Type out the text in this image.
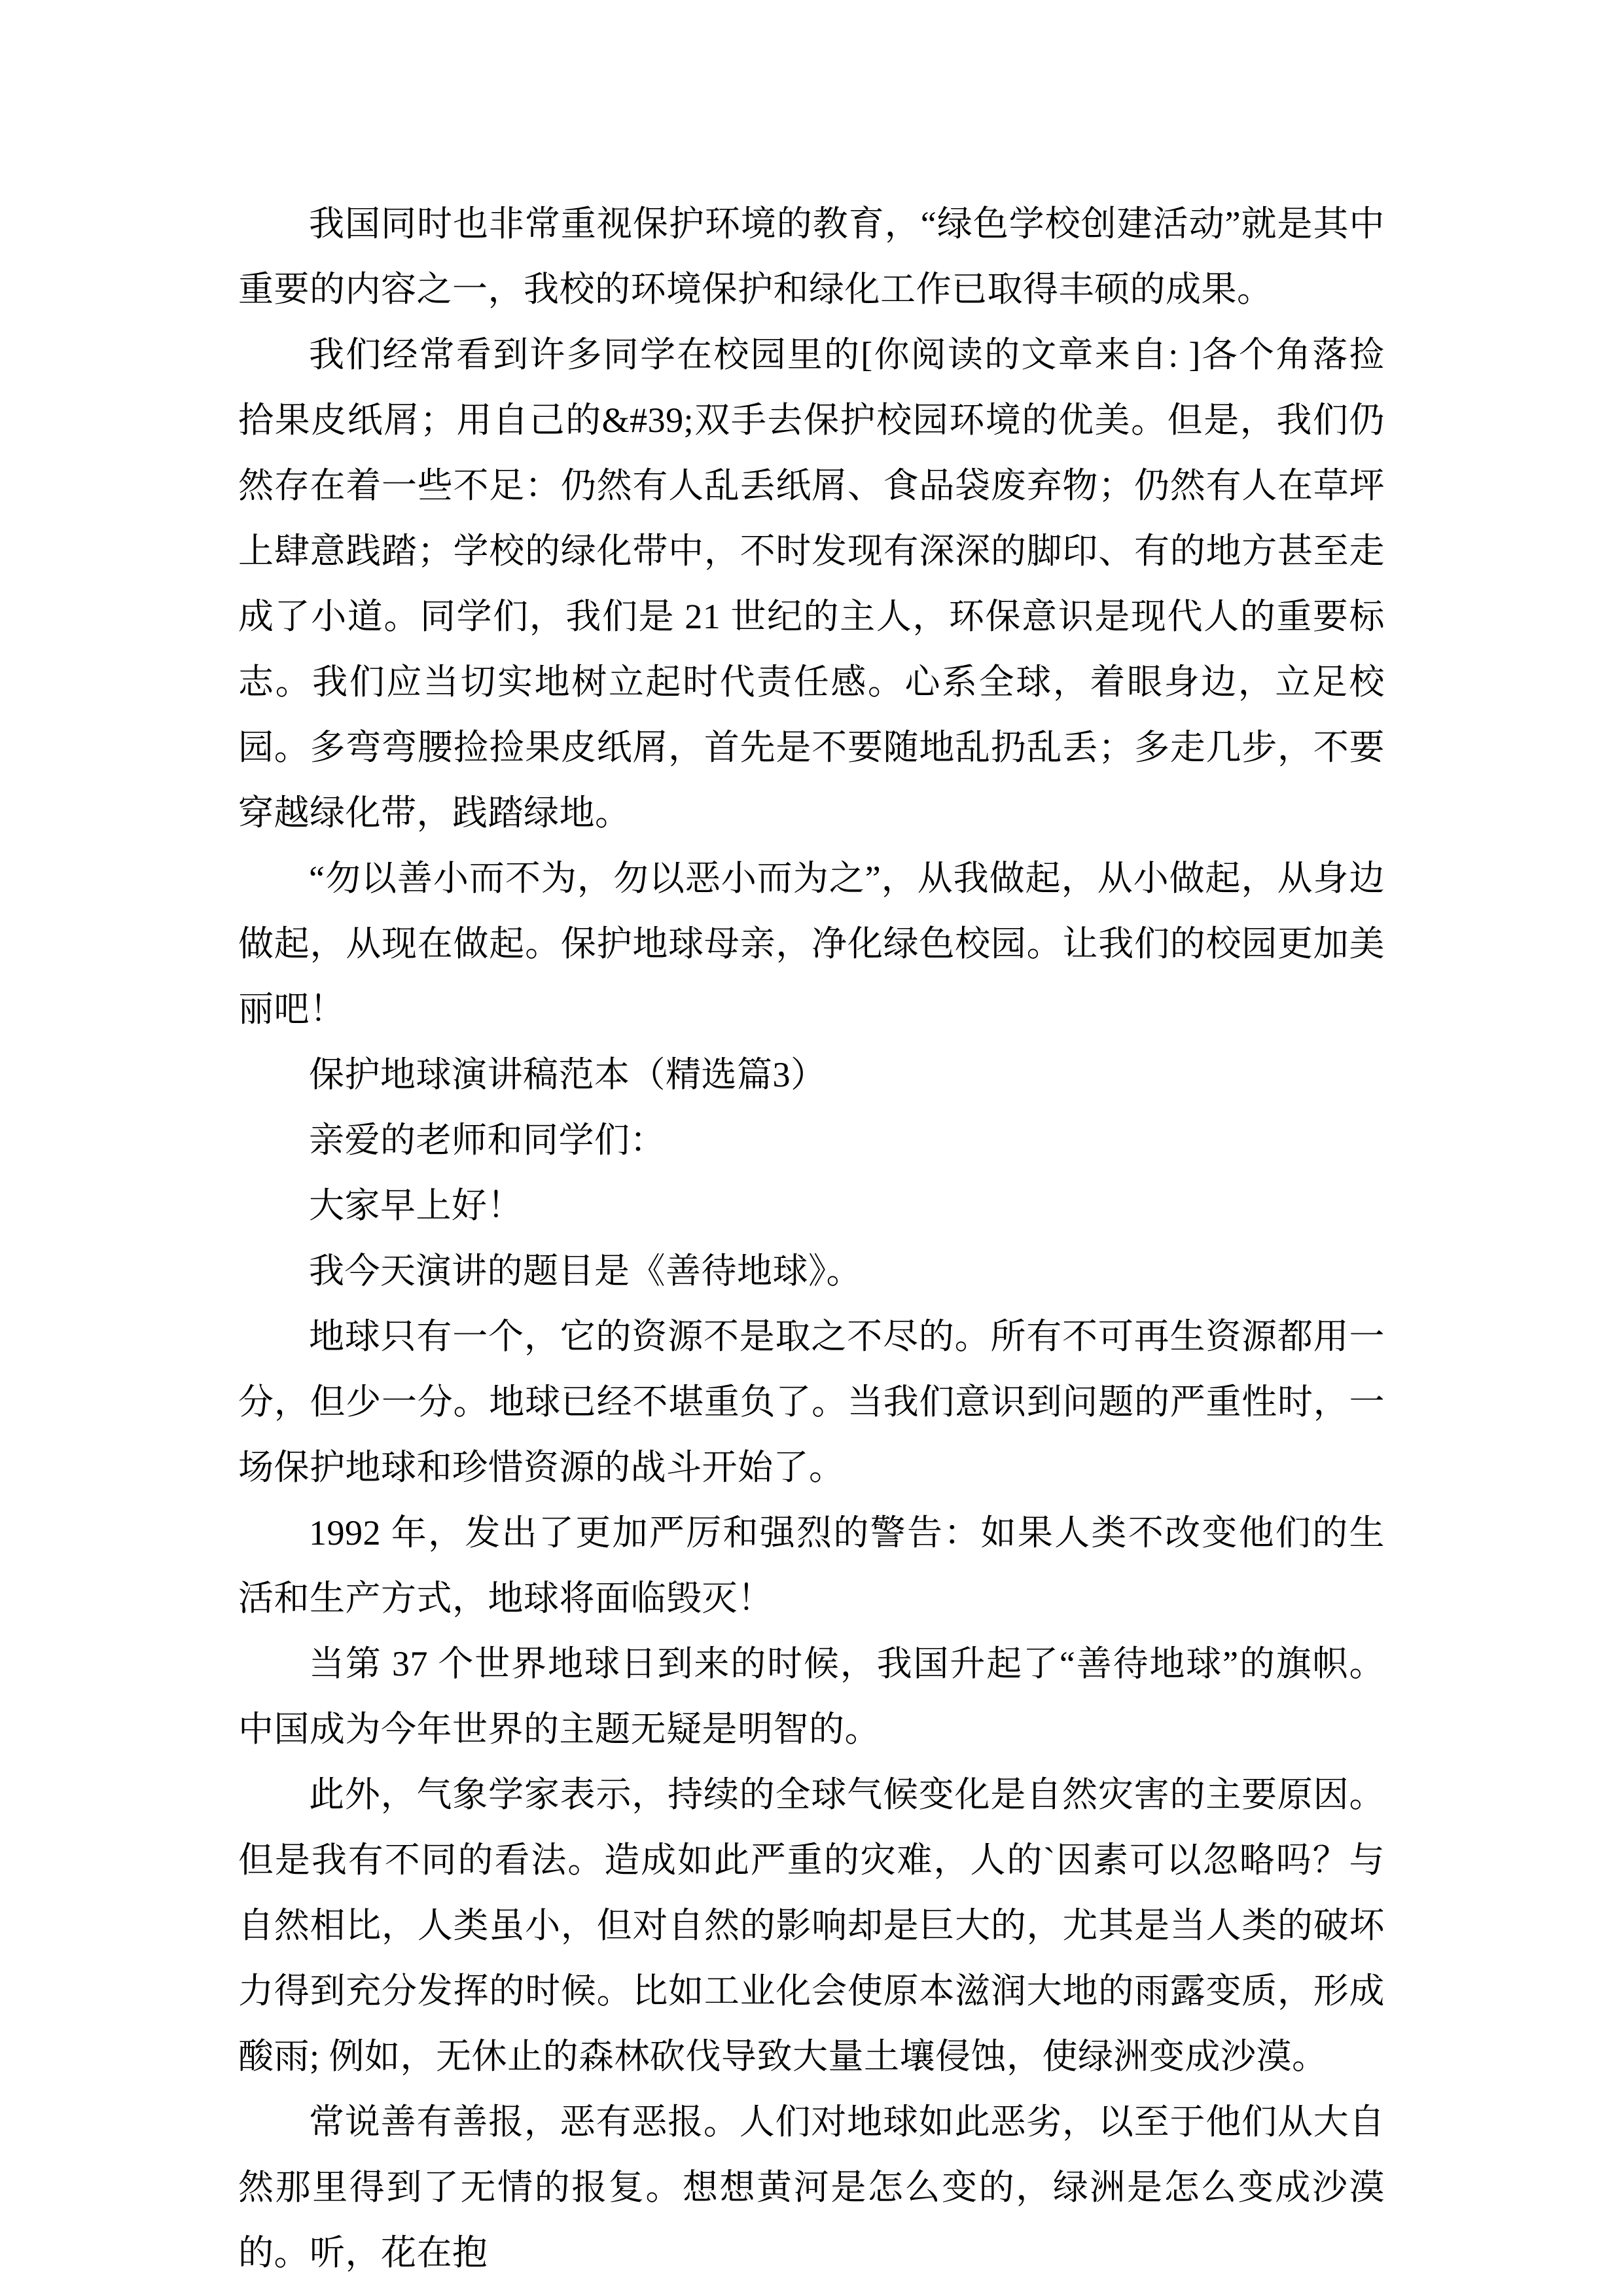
我国同时也非常重视保护环境的教育，“绿色学校创建活动”就是其中重要的内容之一，我校的环境保护和绿化工作已取得丰硕的成果。

我们经常看到许多同学在校园里的[你阅读的文章来自: ]各个角落捡拾果皮纸屑；用自己的&#39;双手去保护校园环境的优美。但是，我们仍然存在着一些不足：仍然有人乱丢纸屑、食品袋废弃物；仍然有人在草坪上肆意践踏；学校的绿化带中，不时发现有深深的脚印、有的地方甚至走成了小道。同学们，我们是 21 世纪的主人，环保意识是现代人的重要标志。我们应当切实地树立起时代责任感。心系全球，着眼身边，立足校园。多弯弯腰捡捡果皮纸屑，首先是不要随地乱扔乱丢；多走几步，不要穿越绿化带，践踏绿地。

“勿以善小而不为，勿以恶小而为之”，从我做起，从小做起，从身边做起，从现在做起。保护地球母亲，净化绿色校园。让我们的校园更加美丽吧！

保护地球演讲稿范本（精选篇3）

亲爱的老师和同学们：

大家早上好！

我今天演讲的题目是《善待地球》。

地球只有一个，它的资源不是取之不尽的。所有不可再生资源都用一分，但少一分。地球已经不堪重负了。当我们意识到问题的严重性时，一场保护地球和珍惜资源的战斗开始了。

1992 年，发出了更加严厉和强烈的警告：如果人类不改变他们的生活和生产方式，地球将面临毁灭！

当第 37 个世界地球日到来的时候，我国升起了“善待地球”的旗帜。中国成为今年世界的主题无疑是明智的。

此外，气象学家表示，持续的全球气候变化是自然灾害的主要原因。但是我有不同的看法。造成如此严重的灾难，人的`因素可以忽略吗？与自然相比，人类虽小，但对自然的影响却是巨大的，尤其是当人类的破坏力得到充分发挥的时候。比如工业化会使原本滋润大地的雨露变质，形成酸雨; 例如，无休止的森林砍伐导致大量土壤侵蚀，使绿洲变成沙漠。

常说善有善报，恶有恶报。人们对地球如此恶劣，以至于他们从大自然那里得到了无情的报复。想想黄河是怎么变的，绿洲是怎么变成沙漠的。听，花在抱
